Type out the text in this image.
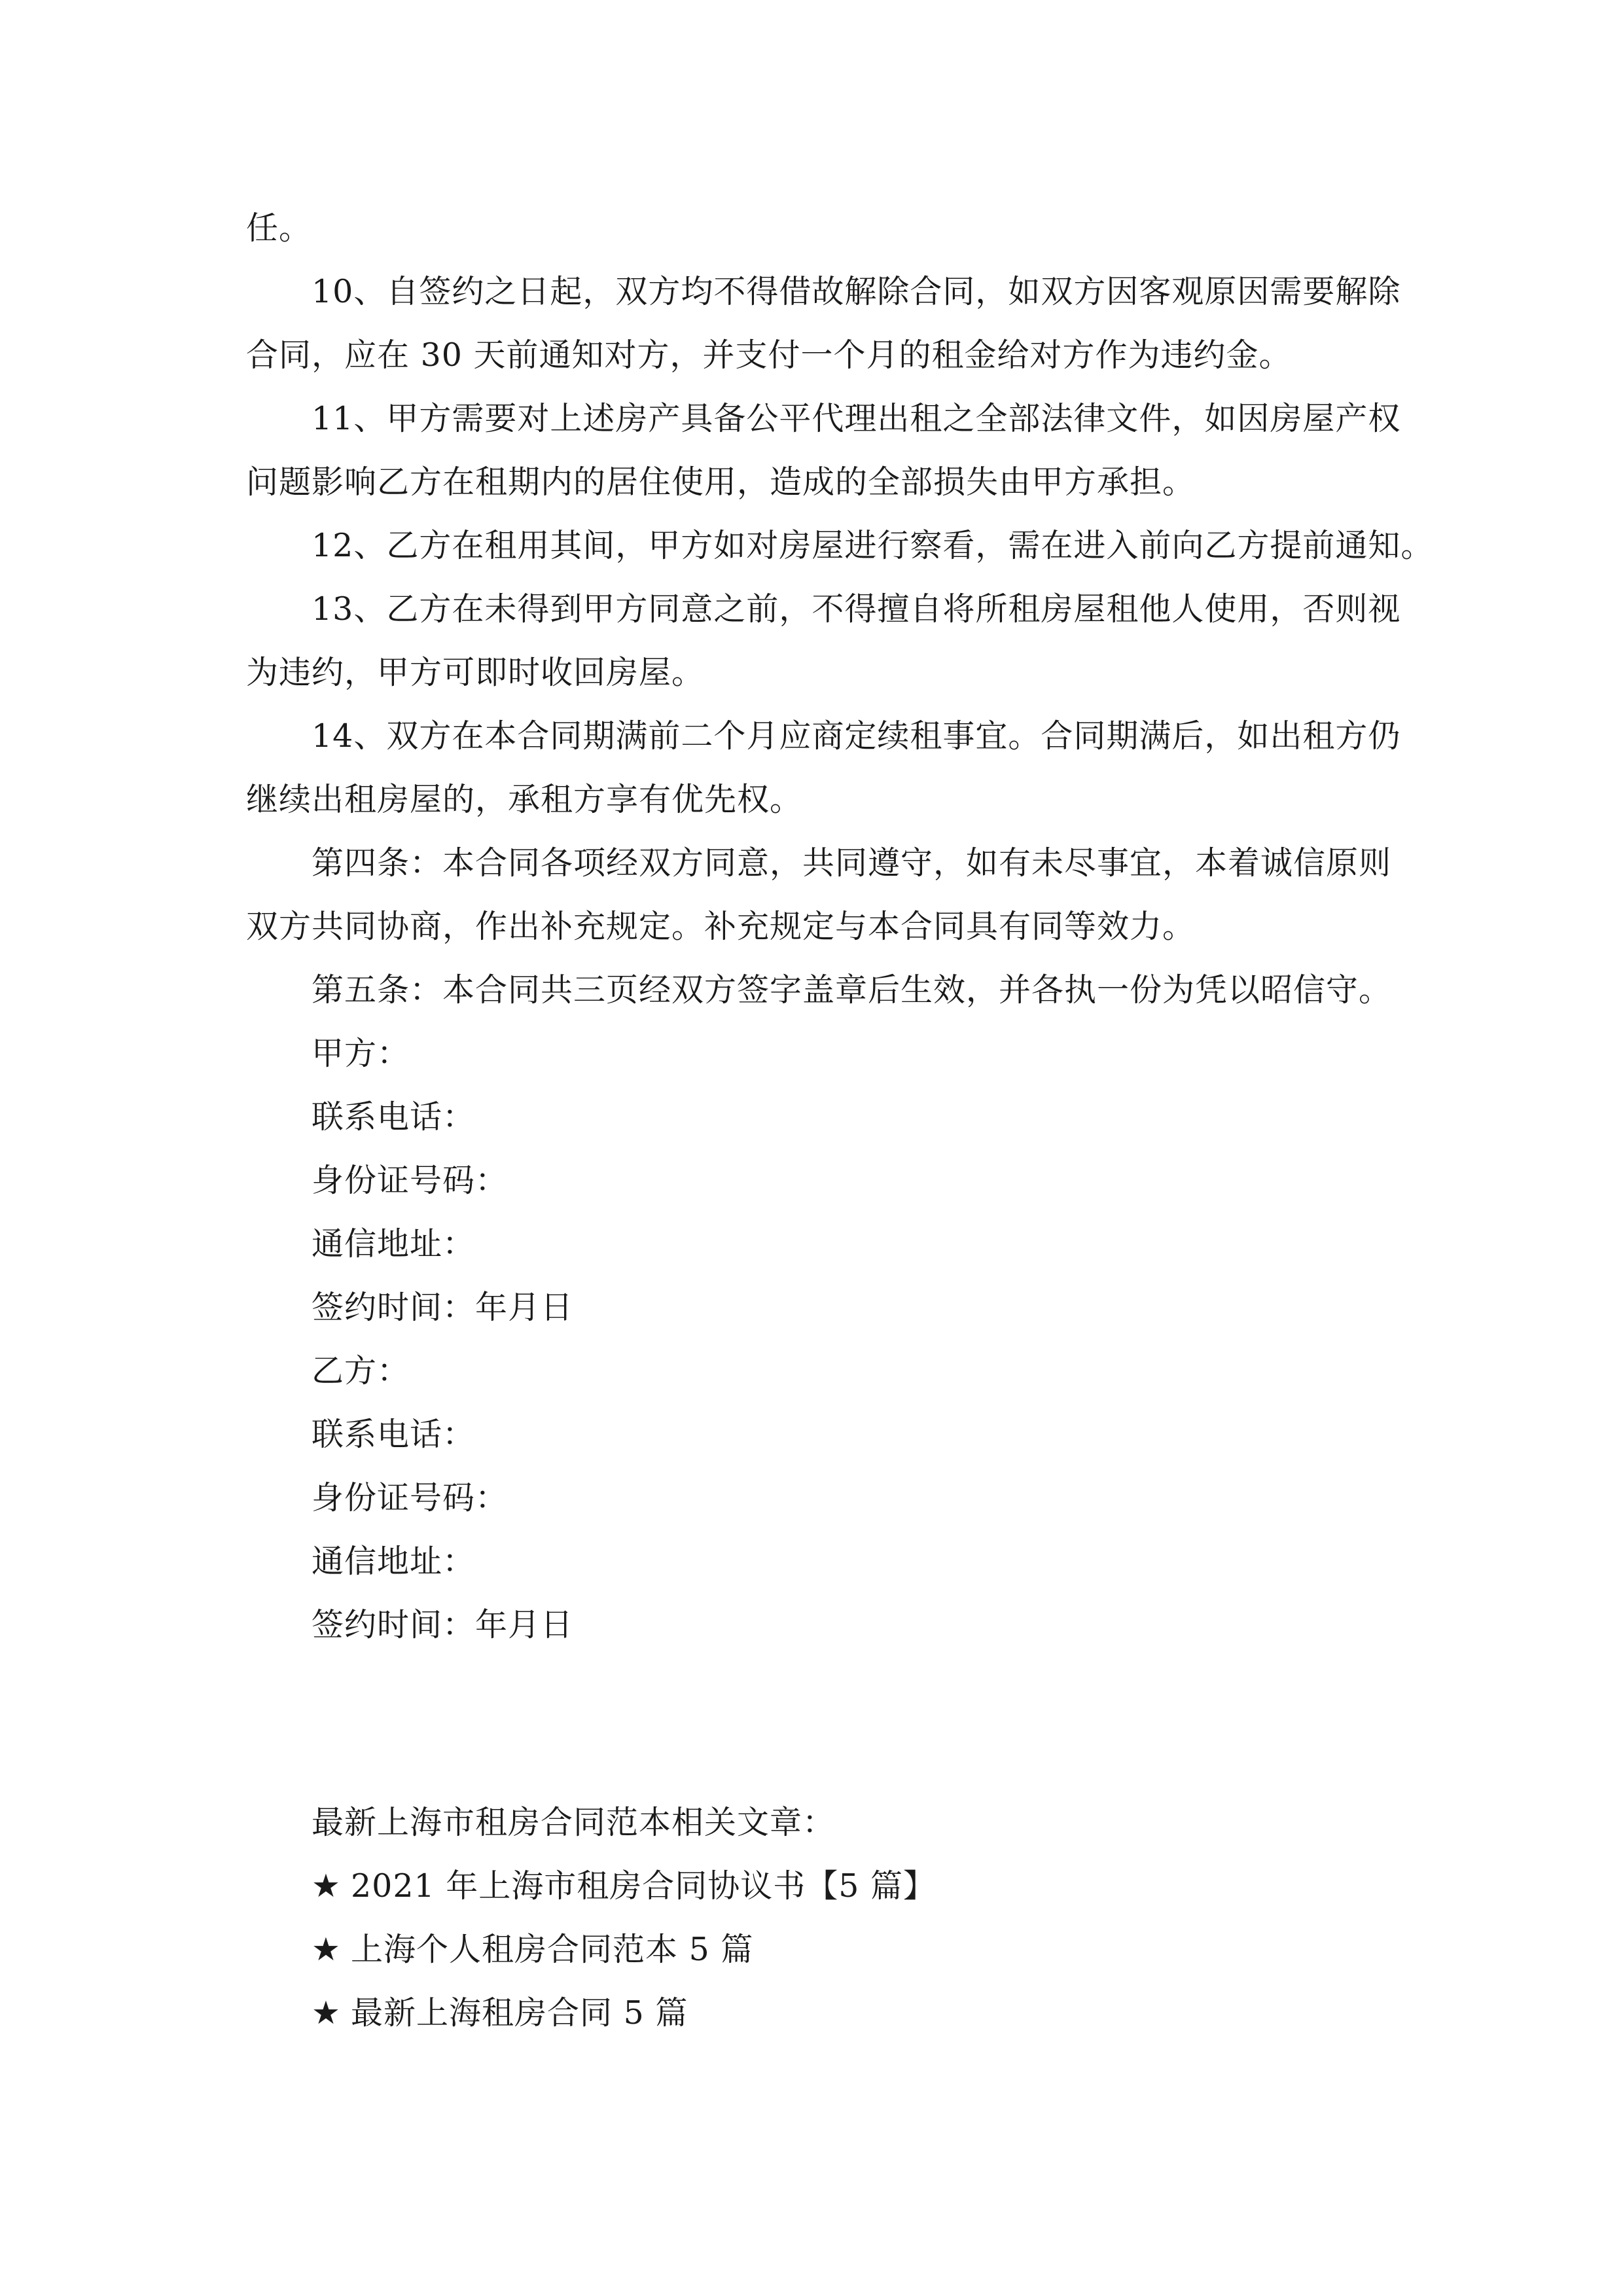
任。
10、自签约之日起，双方均不得借故解除合同，如双方因客观原因需要解除
合同，应在 30 天前通知对方，并支付一个月的租金给对方作为违约金。
11、甲方需要对上述房产具备公平代理出租之全部法律文件，如因房屋产权
问题影响乙方在租期内的居住使用，造成的全部损失由甲方承担。
12、乙方在租用其间，甲方如对房屋进行察看，需在进入前向乙方提前通知。
13、乙方在未得到甲方同意之前，不得擅自将所租房屋租他人使用，否则视
为违约，甲方可即时收回房屋。
14、双方在本合同期满前二个月应商定续租事宜。合同期满后，如出租方仍
继续出租房屋的，承租方享有优先权。
第四条：本合同各项经双方同意，共同遵守，如有未尽事宜，本着诚信原则
双方共同协商，作出补充规定。补充规定与本合同具有同等效力。
第五条：本合同共三页经双方签字盖章后生效，并各执一份为凭以昭信守。
甲方：
联系电话：
身份证号码：
通信地址：
签约时间：年月日
乙方：
联系电话：
身份证号码：
通信地址：
签约时间：年月日
最新上海市租房合同范本相关文章：
★ 2021 年上海市租房合同协议书【5 篇】
★ 上海个人租房合同范本 5 篇
★ 最新上海租房合同 5 篇
